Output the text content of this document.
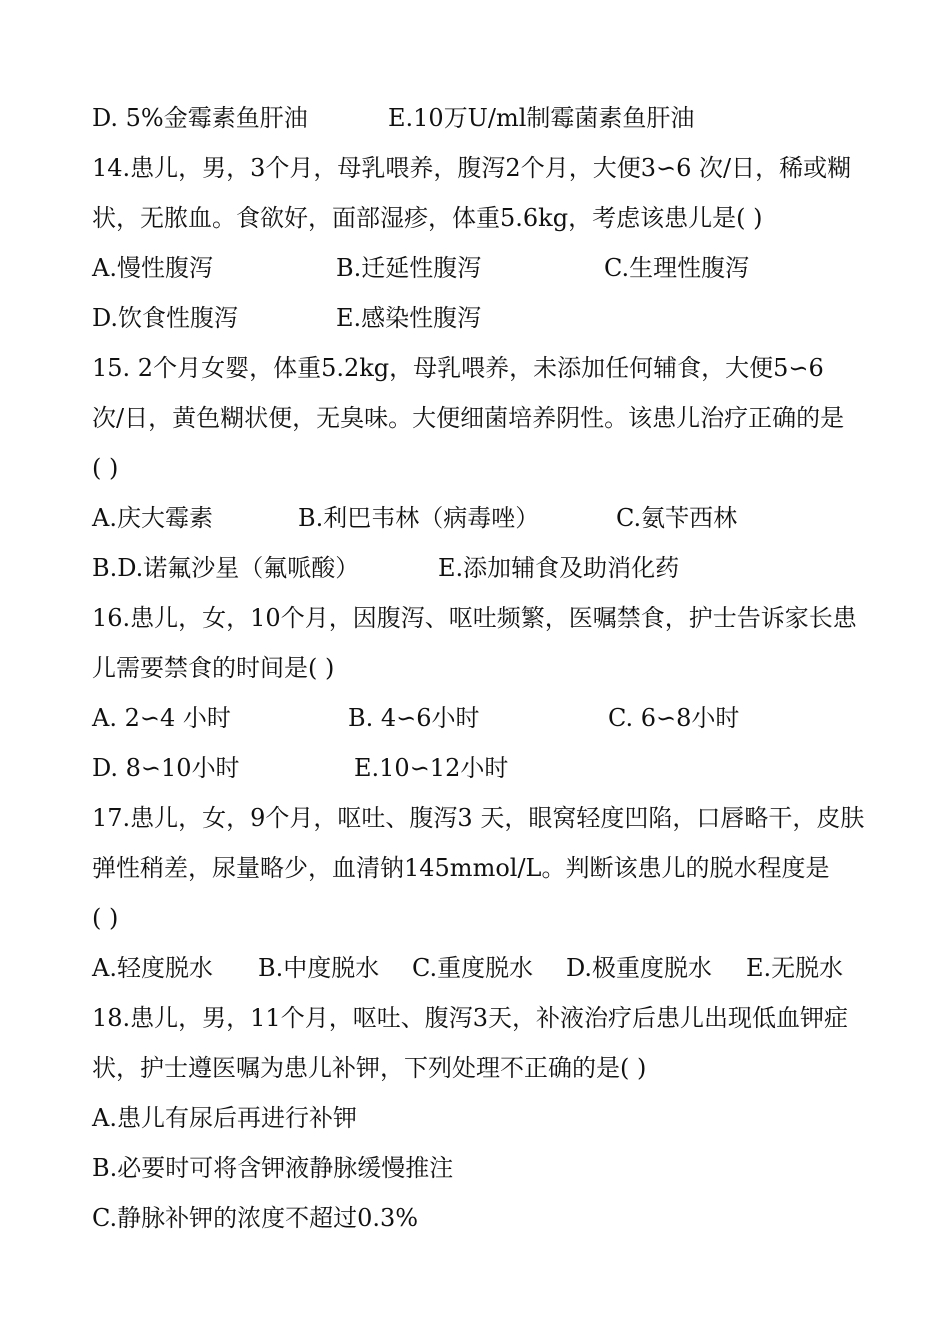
D. 5%金霉素鱼肝油

	E.10万U/ml制霉菌素鱼肝油

14.患儿，男，3个月，母乳喂养，腹泻2个月，大便3∽6 次/日，稀或糊

状，无脓血。食欲好，面部湿疹，体重5.6kg，考虑该患儿是( )

A.慢性腹泻

	B.迁延性腹泻

	C.生理性腹泻

D.饮食性腹泻

	E.感染性腹泻

15. 2个月女婴，体重5.2kg，母乳喂养，未添加任何辅食，大便5∽6

次/日，黄色糊状便，无臭味。大便细菌培养阴性。该患儿治疗正确的是

( )

A.庆大霉素

	B.利巴韦林（病毒唑）

	C.氨苄西林

B.D.诺氟沙星（氟哌酸）

	E.添加辅食及助消化药

16.患儿，女，10个月，因腹泻、呕吐频繁，医嘱禁食，护士告诉家长患

儿需要禁食的时间是( )

A. 2∽4 小时

	B. 4∽6小时

	C. 6∽8小时

D. 8∽10小时

	E.10∽12小时

17.患儿，女，9个月，呕吐、腹泻3 天，眼窝轻度凹陷，口唇略干，皮肤

弹性稍差，尿量略少，血清钠145mmol/L。判断该患儿的脱水程度是

( )

A.轻度脱水

B.中度脱水

C.重度脱水

D.极重度脱水

E.无脱水

18.患儿，男，11个月，呕吐、腹泻3天，补液治疗后患儿出现低血钾症

状，护士遵医嘱为患儿补钾，下列处理不正确的是( )

A.患儿有尿后再进行补钾

B.必要时可将含钾液静脉缓慢推注

C.静脉补钾的浓度不超过0.3%
